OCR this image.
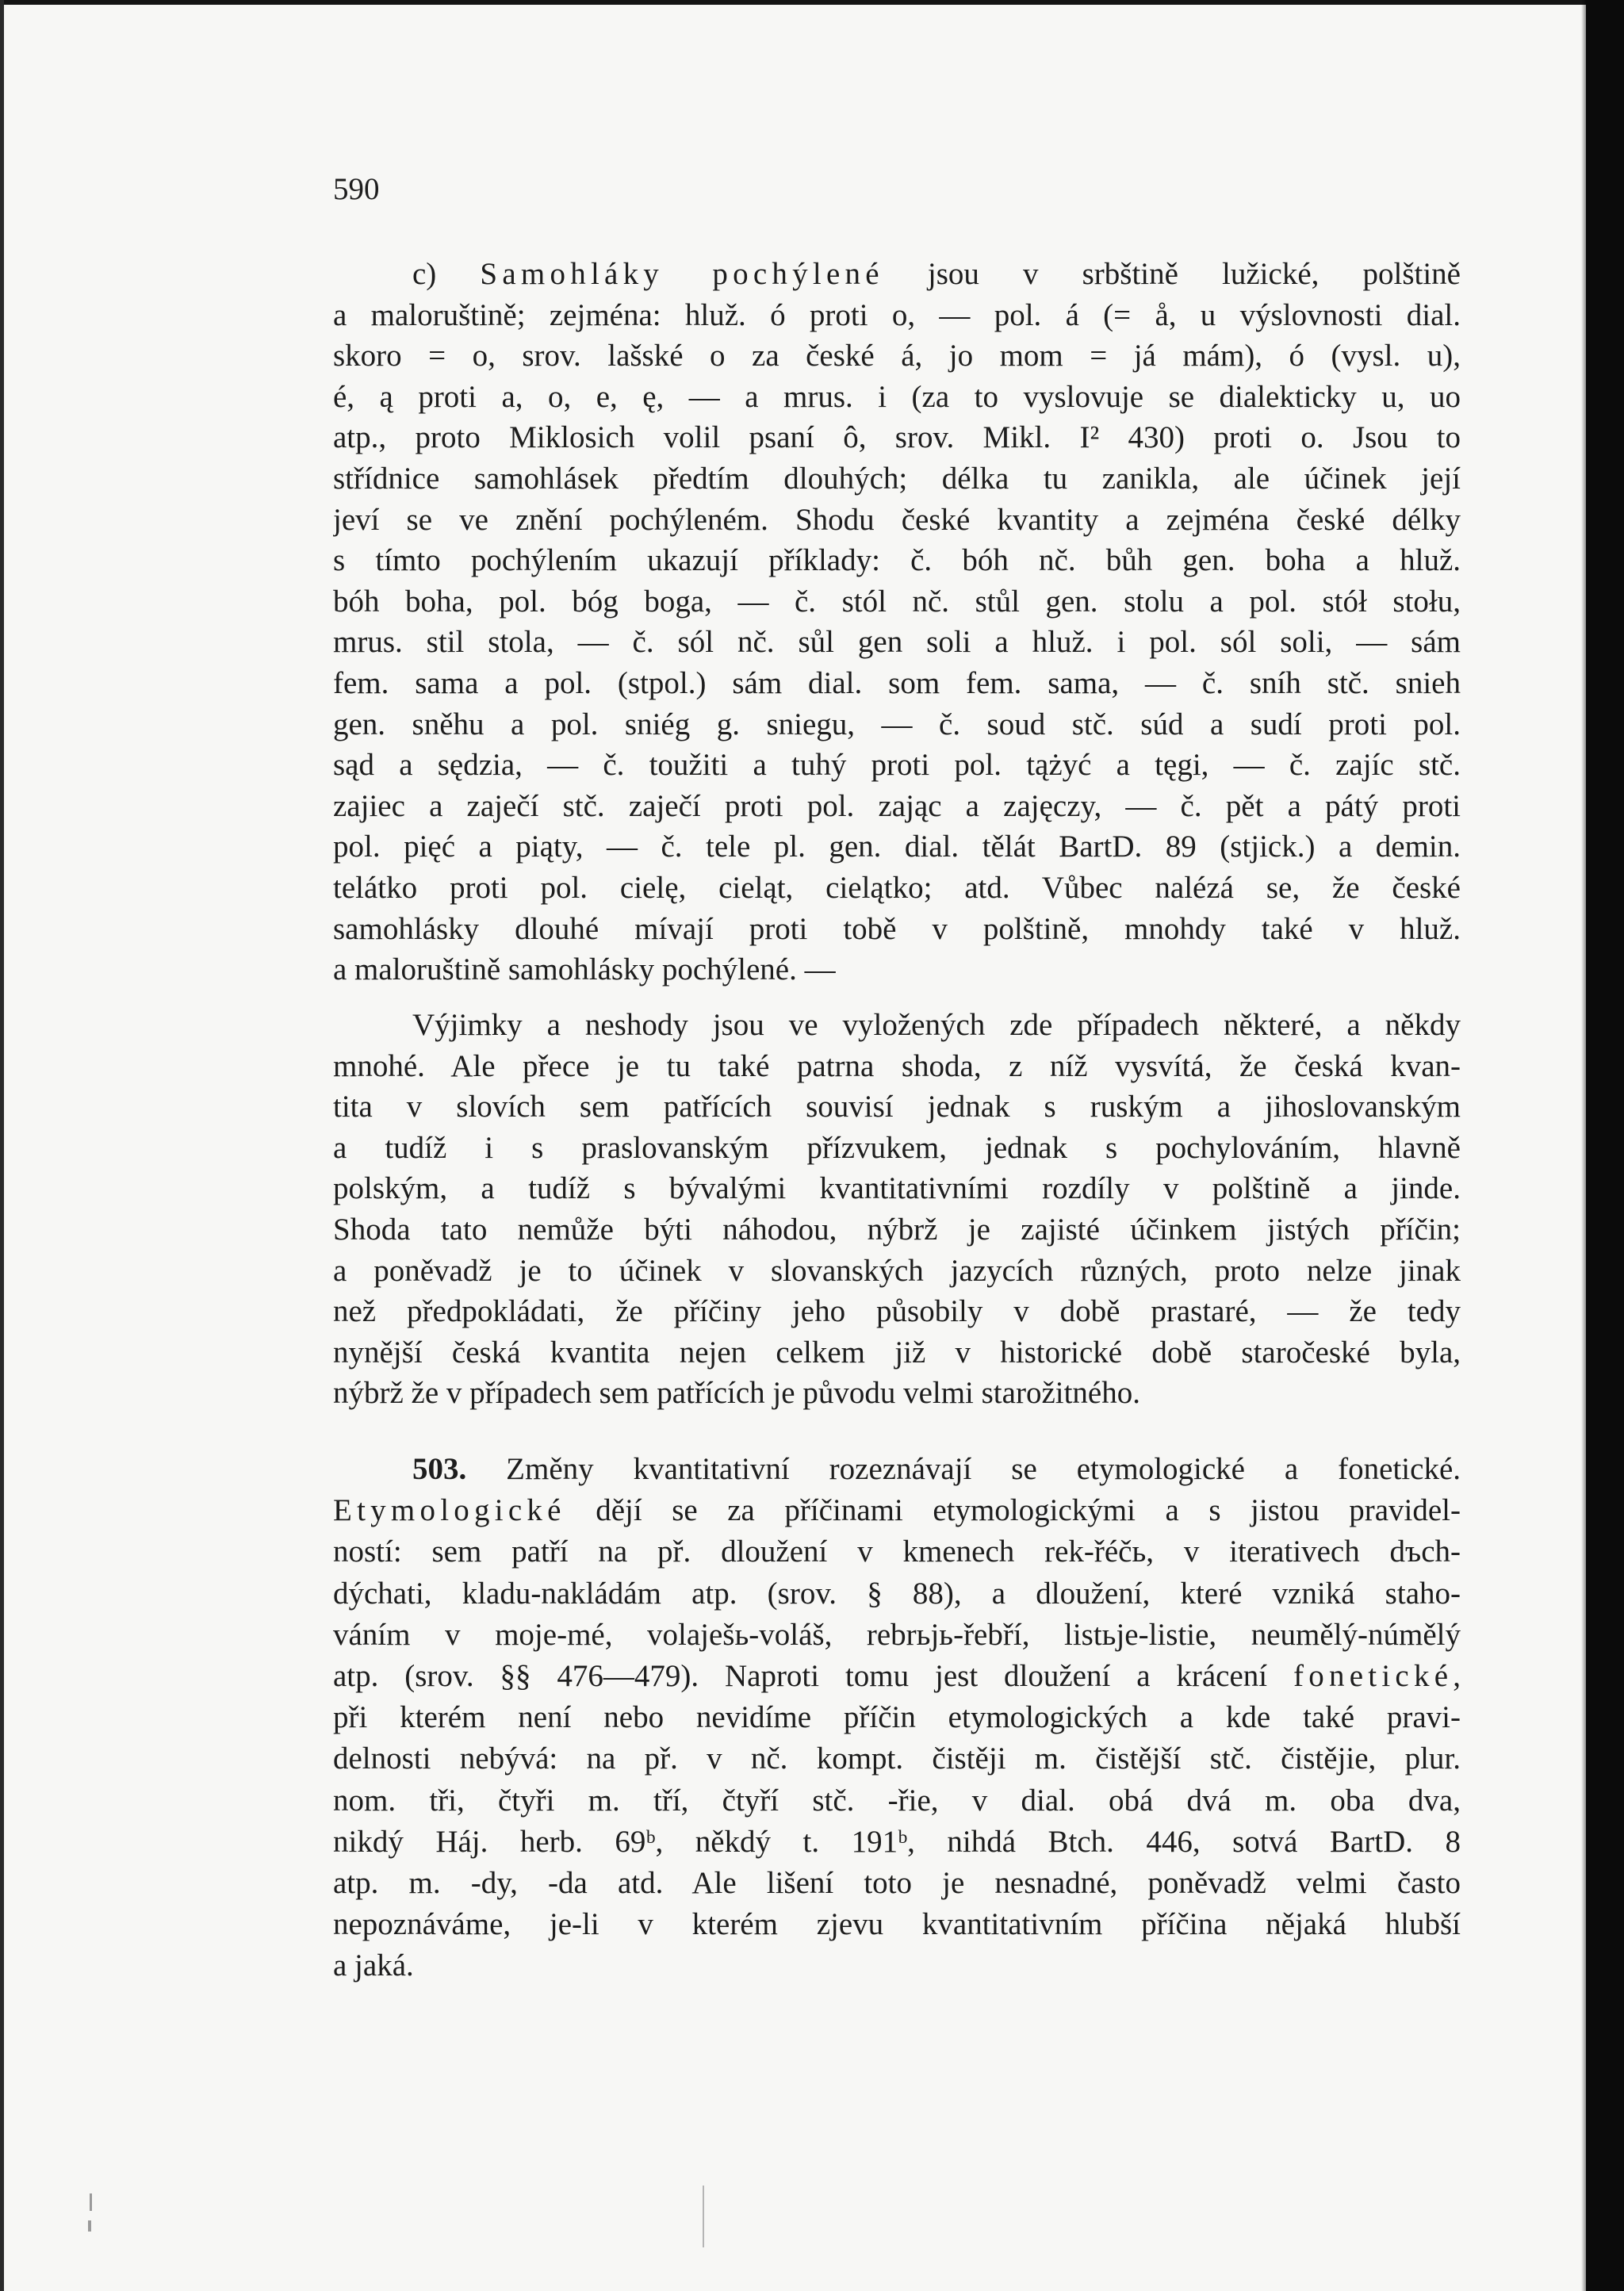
590
c) Samohláky pochýlené jsou v srbštině lužické, polštině
a maloruštině; zejména: hluž. ó proti o, — pol. á (= å, u výslovnosti dial.
skoro = o, srov. lašské o za české á, jo mom = já mám), ó (vysl. u),
é, ą proti a, o, e, ę, — a mrus. i (za to vyslovuje se dialekticky u, uo
atp., proto Miklosich volil psaní ô, srov. Mikl. I² 430) proti o. Jsou to
střídnice samohlásek předtím dlouhých; délka tu zanikla, ale účinek její
jeví se ve znění pochýleném. Shodu české kvantity a zejména české délky
s tímto pochýlením ukazují příklady: č. bóh nč. bůh gen. boha a hluž.
bóh boha, pol. bóg boga, — č. stól nč. stůl gen. stolu a pol. stół stołu,
mrus. stil stola, — č. sól nč. sůl gen soli a hluž. i pol. sól soli, — sám
fem. sama a pol. (stpol.) sám dial. som fem. sama, — č. sníh stč. snieh
gen. sněhu a pol. sniég g. sniegu, — č. soud stč. súd a sudí proti pol.
sąd a sędzia, — č. toužiti a tuhý proti pol. tążyć a tęgi, — č. zajíc stč.
zajiec a zaječí stč. zaječí proti pol. zając a zajęczy, — č. pět a pátý proti
pol. pięć a piąty, — č. tele pl. gen. dial. tělát BartD. 89 (stjick.) a demin.
telátko proti pol. cielę, cieląt, cielątko; atd. Vůbec nalézá se, že české
samohlásky dlouhé mívají proti tobě v polštině, mnohdy také v hluž.
a maloruštině samohlásky pochýlené. —
Výjimky a neshody jsou ve vyložených zde případech některé, a někdy
mnohé. Ale přece je tu také patrna shoda, z níž vysvítá, že česká kvan-
tita v slovích sem patřících souvisí jednak s ruským a jihoslovanským
a tudíž i s praslovanským přízvukem, jednak s pochylováním, hlavně
polským, a tudíž s bývalými kvantitativními rozdíly v polštině a jinde.
Shoda tato nemůže býti náhodou, nýbrž je zajisté účinkem jistých příčin;
a poněvadž je to účinek v slovanských jazycích různých, proto nelze jinak
než předpokládati, že příčiny jeho působily v době prastaré, — že tedy
nynější česká kvantita nejen celkem již v historické době staročeské byla,
nýbrž že v případech sem patřících je původu velmi starožitného.
503. Změny kvantitativní rozeznávají se etymologické a fonetické.
Etymologické dějí se za příčinami etymologickými a s jistou pravidel-
ností: sem patří na př. dloužení v kmenech rek-řéčь, v iterativech dъch-
dýchati, kladu-nakládám atp. (srov. § 88), a dloužení, které vzniká staho-
váním v moje-mé, volaješь-voláš, rebrьjь-řebří, listьje-listie, neumělý-númělý
atp. (srov. §§ 476—479). Naproti tomu jest dloužení a krácení fonetické,
při kterém není nebo nevidíme příčin etymologických a kde také pravi-
delnosti nebývá: na př. v nč. kompt. čistěji m. čistější stč. čistějie, plur.
nom. tři, čtyři m. tří, čtyří stč. -řie, v dial. obá dvá m. oba dva,
nikdý Háj. herb. 69ᵇ, někdý t. 191ᵇ, nihdá Btch. 446, sotvá BartD. 8
atp. m. -dy, -da atd. Ale lišení toto je nesnadné, poněvadž velmi často
nepoznáváme, je-li v kterém zjevu kvantitativním příčina nějaká hlubší
a jaká.
